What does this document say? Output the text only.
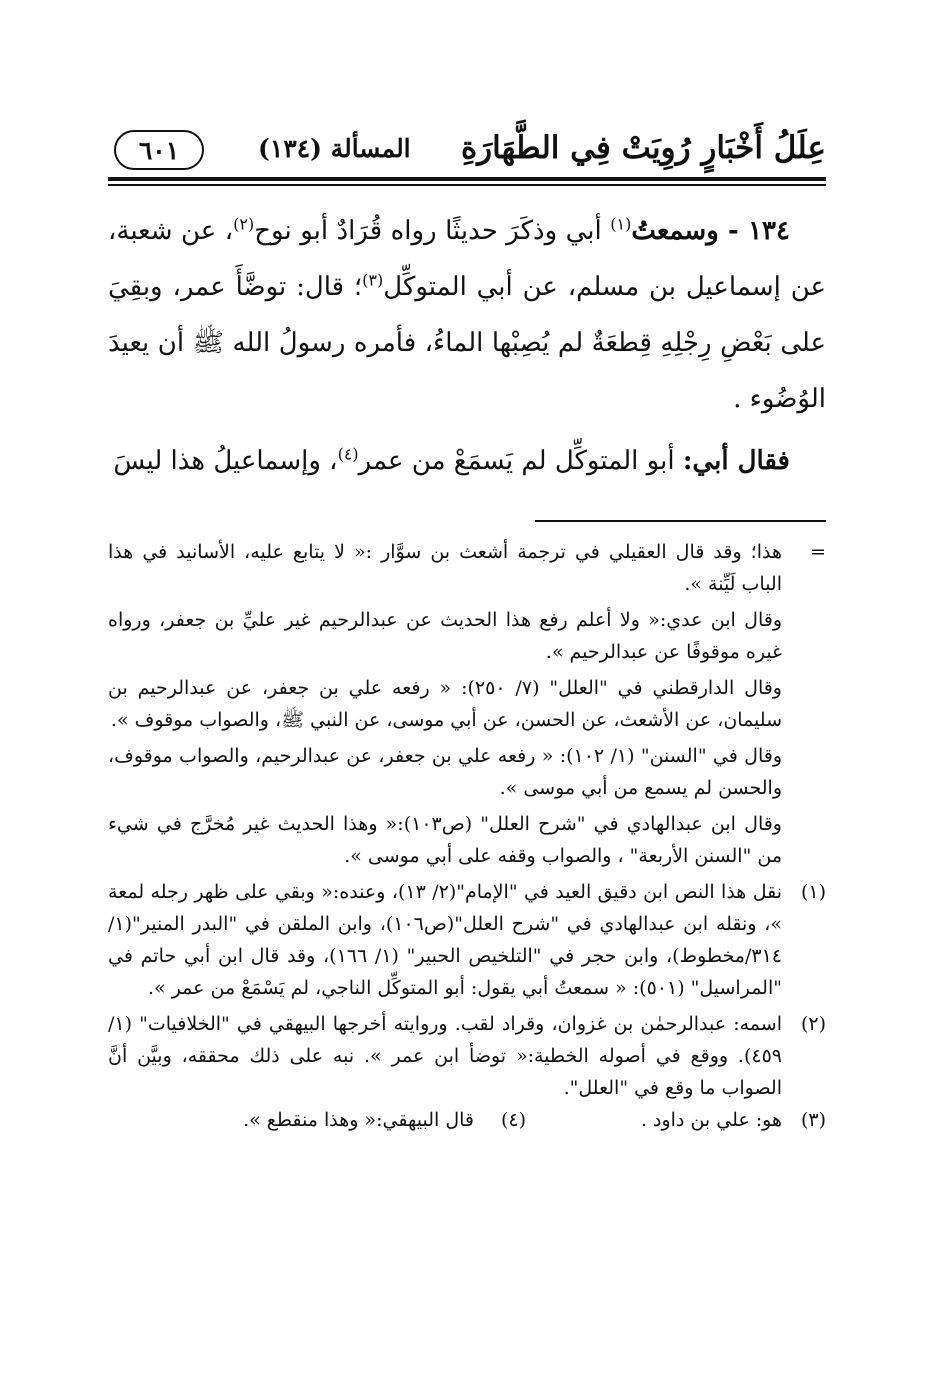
عِلَلُ أَخْبَارٍ رُوِيَتْ فِي الطَّهَارَةِ
المسألة (١٣٤)
٦٠١

١٣٤ - وسمعتُ$^{(١)}$ أبي وذكَرَ حديثًا رواه قُرَادٌ أبو نوح$^{(٢)}$، عن شعبة، عن إسماعيل بن مسلم، عن أبي المتوكِّل$^{(٣)}$؛ قال: توضَّأَ عمر، وبقِيَ على بَعْضِ رِجْلِهِ قِطعَةٌ لم يُصِبْها الماءُ، فأمره رسولُ الله ﷺ أن يعيدَ الوُضُوء .

فقال أبي: أبو المتوكِّل لم يَسمَعْ من عمر$^{(٤)}$، وإسماعيلُ هذا ليسَ

=

هذا؛ وقد قال العقيلي في ترجمة أشعث بن سوَّار :« لا يتابع عليه، الأسانيد في هذا الباب لَيِّنة ».

وقال ابن عدي:« ولا أعلم رفع هذا الحديث عن عبدالرحيم غير عليِّ بن جعفر، ورواه غيره موقوفًا عن عبدالرحيم ».

وقال الدارقطني في "العلل" (٧/ ٢٥٠): « رفعه علي بن جعفر، عن عبدالرحيم بن سليمان، عن الأشعث، عن الحسن، عن أبي موسى، عن النبي ﷺ، والصواب موقوف ».

وقال في "السنن" (١/ ١٠٢): « رفعه علي بن جعفر، عن عبدالرحيم، والصواب موقوف، والحسن لم يسمع من أبي موسى ».

وقال ابن عبدالهادي في "شرح العلل" (ص١٠٣):« وهذا الحديث غير مُخرَّج في شيء من "السنن الأربعة" ، والصواب وقفه على أبي موسى ».

(١)

نقل هذا النص ابن دقيق العيد في "الإمام"(٢/ ١٣)، وعنده:« وبقي على ظهر رجله لمعة »، ونقله ابن عبدالهادي في "شرح العلل"(ص١٠٦)، وابن الملقن في "البدر المنير"(١/ ٣١٤/مخطوط)، وابن حجر في "التلخيص الحبير" (١/ ١٦٦)، وقد قال ابن أبي حاتم في "المراسيل" (٥٠١): « سمعتُ أبي يقول: أبو المتوكِّل الناجي، لم يَسْمَعْ من عمر ».

(٢)

اسمه: عبدالرحمٰن بن غزوان، وقراد لقب. وروايته أخرجها البيهقي في "الخلافيات" (١/ ٤٥٩). ووقع في أصوله الخطية:« توضأ ابن عمر ». نبه على ذلك محققه، وبيَّن أنَّ الصواب ما وقع في "العلل".

(٣)
هو: علي بن داود .
(٤)
قال البيهقي:« وهذا منقطع ».
